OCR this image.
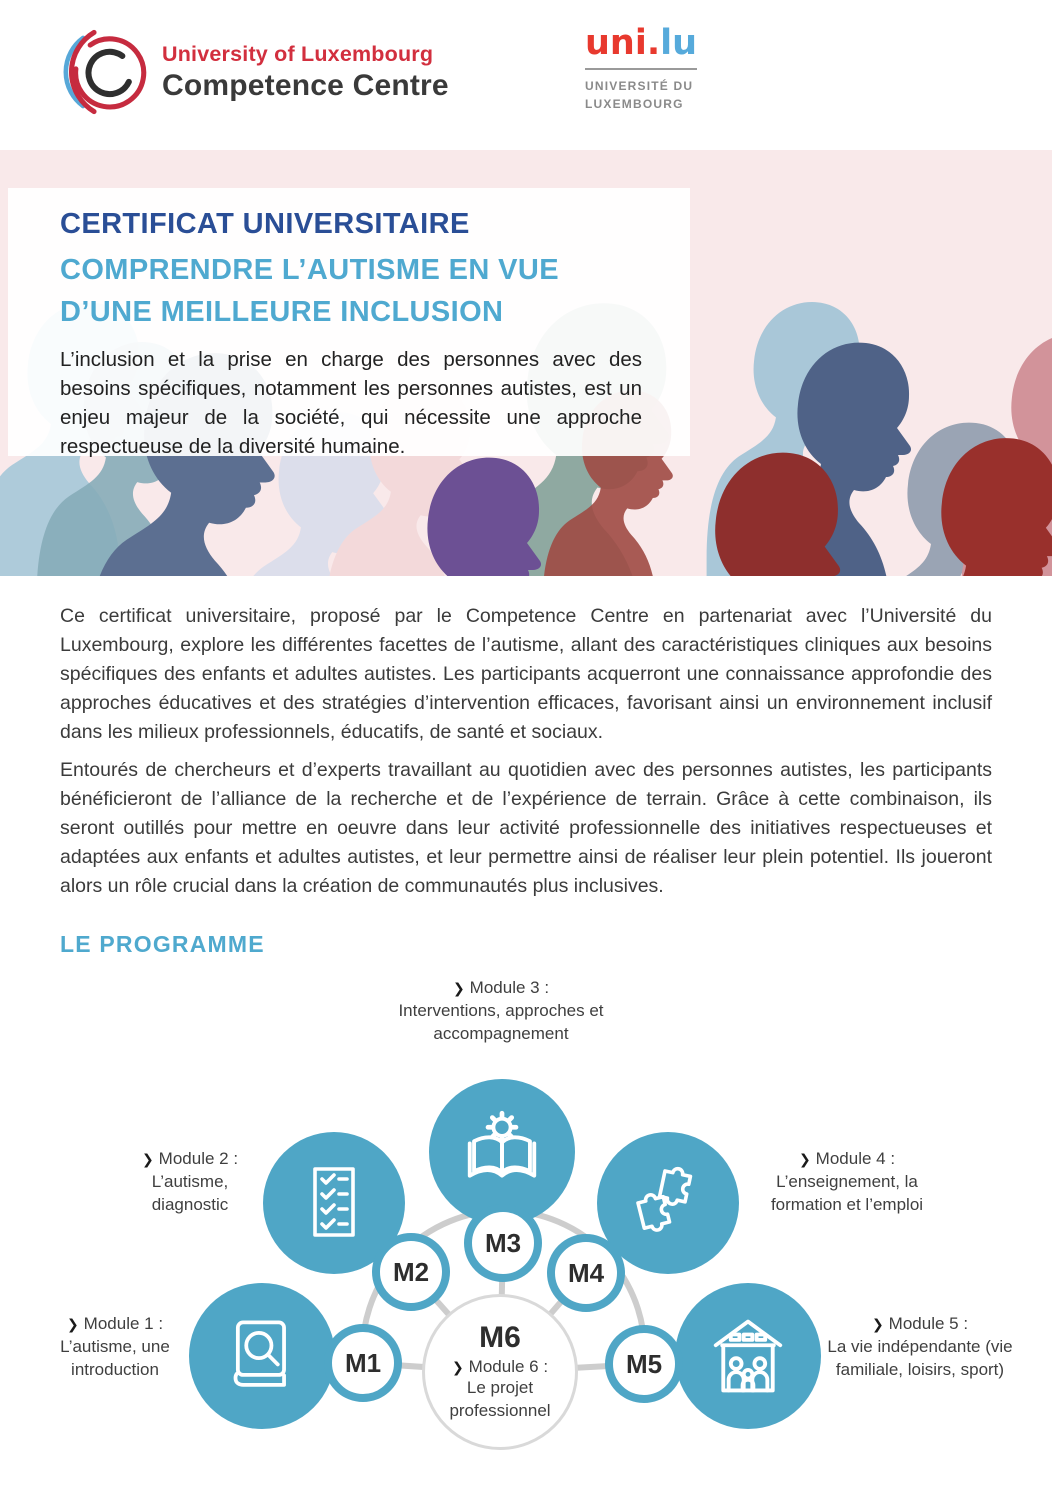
University of Luxembourg
Competence Centre
uni.lu
UNIVERSITÉ DU
LUXEMBOURG
CERTIFICAT UNIVERSITAIRE
COMPRENDRE L’AUTISME EN VUE
D’UNE MEILLEURE INCLUSION
L’inclusion et la prise en charge des personnes avec des besoins spécifiques, notamment les personnes autistes, est un enjeu majeur de la société, qui nécessite une approche respectueuse de la diversité humaine.

Ce certificat universitaire, proposé par le Competence Centre en partenariat avec l’Université du Luxembourg, explore les différentes facettes de l’autisme, allant des caractéristiques cliniques aux besoins spécifiques des enfants et adultes autistes. Les participants acquerront une connaissance approfondie des approches éducatives et des stratégies d’intervention efficaces, favorisant ainsi un environnement inclusif dans les milieux professionnels, éducatifs, de santé et sociaux.

Entourés de chercheurs et d’experts travaillant au quotidien avec des personnes autistes, les participants bénéficieront de l’alliance de la recherche et de l’expérience de terrain. Grâce à cette combinaison, ils seront outillés pour mettre en oeuvre dans leur activité professionnelle des initiatives respectueuses et adaptées aux enfants et adultes autistes, et leur permettre ainsi de réaliser leur plein potentiel. Ils joueront alors un rôle crucial dans la création de communautés plus inclusives.

LE PROGRAMME
❯ Module 3 :
Interventions, approches et accompagnement
❯ Module 2 :
L’autisme, diagnostic
❯ Module 4 :
L’enseignement, la formation et l’emploi
❯ Module 1 :
L’autisme, une introduction
❯ Module 5 :
La vie indépendante (vie familiale, loisirs, sport)
M1
M2
M3
M4
M5
M6
❯ Module 6 :
Le projet professionnel
